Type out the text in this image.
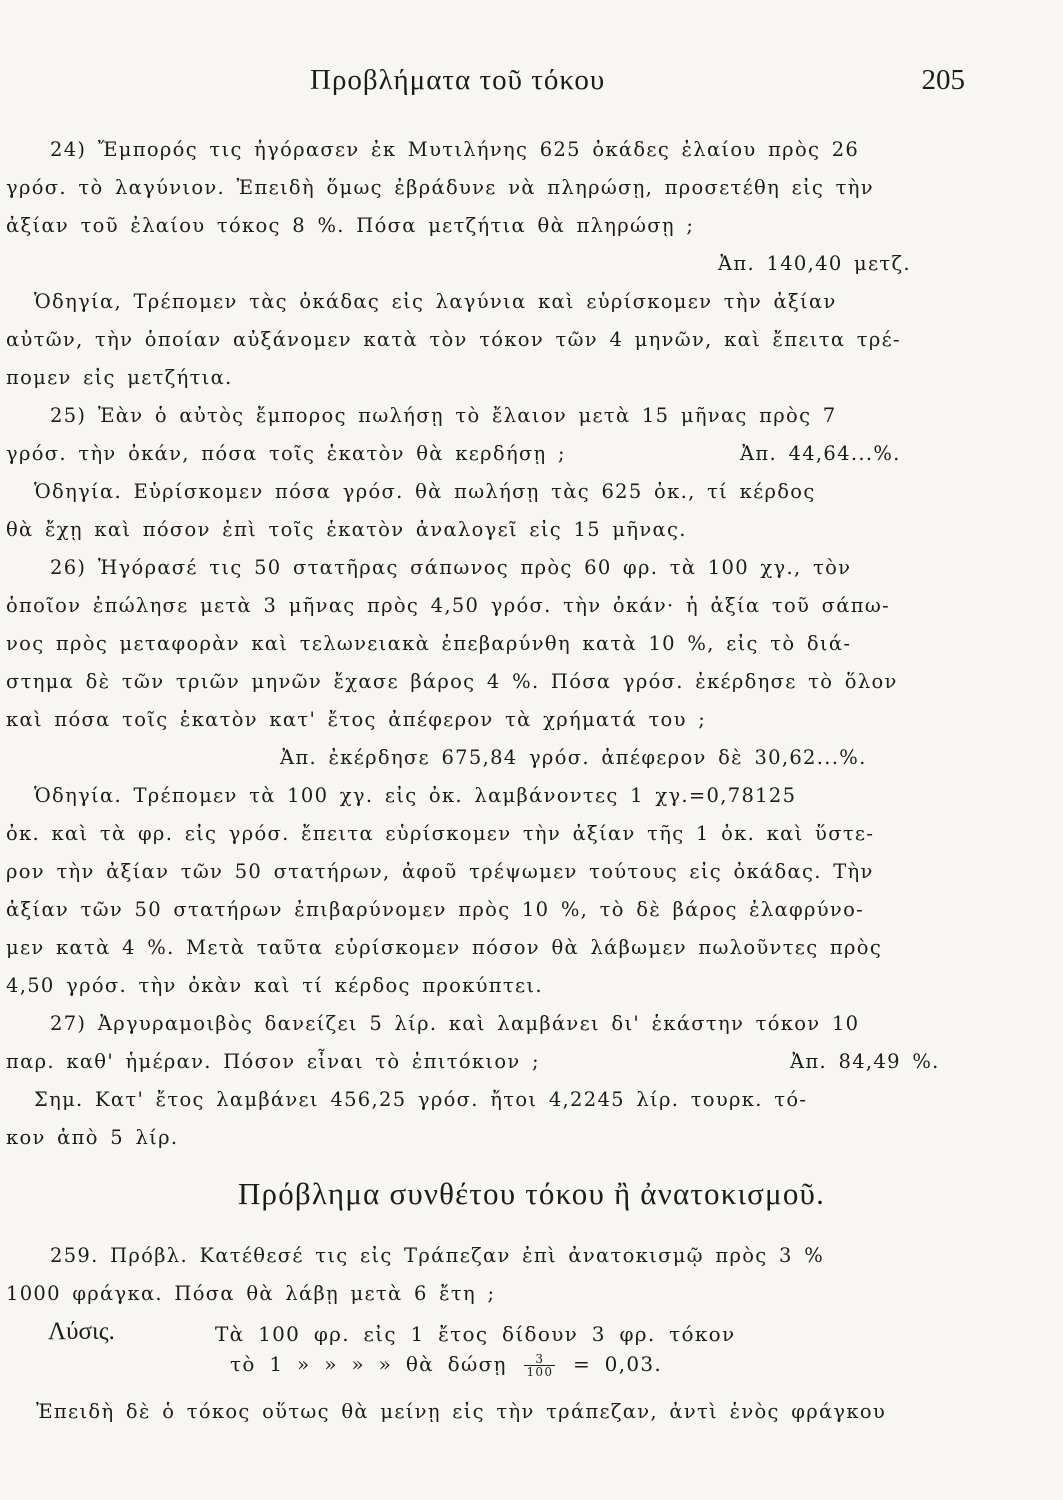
Προβλήματα τοῦ τόκου	205
24) Ἔμπορός τις ἠγόρασεν ἐκ Μυτιλήνης 625 ὀκάδες ἐλαίου πρὸς 26
γρόσ. τὸ λαγύνιον. Ἐπειδὴ ὅμως ἐβράδυνε νὰ πληρώσῃ, προσετέθη εἰς τὴν
ἀξίαν τοῦ ἐλαίου τόκος 8 %. Πόσα μετζήτια θὰ πληρώσῃ ;
Ἀπ. 140,40 μετζ.
Ὁδηγία, Τρέπομεν τὰς ὀκάδας εἰς λαγύνια καὶ εὑρίσκομεν τὴν ἀξίαν
αὐτῶν, τὴν ὁποίαν αὐξάνομεν κατὰ τὸν τόκον τῶν 4 μηνῶν, καὶ ἔπειτα τρέ-
πομεν εἰς μετζήτια.
25) Ἐὰν ὁ αὐτὸς ἔμπορος πωλήσῃ τὸ ἔλαιον μετὰ 15 μῆνας πρὸς 7
γρόσ. τὴν ὀκάν, πόσα τοῖς ἑκατὸν θὰ κερδήσῃ ;	Ἀπ. 44,64...%.
Ὁδηγία. Εὑρίσκομεν πόσα γρόσ. θὰ πωλήσῃ τὰς 625 ὀκ., τί κέρδος
θὰ ἔχῃ καὶ πόσον ἐπὶ τοῖς ἑκατὸν ἀναλογεῖ εἰς 15 μῆνας.
26) Ἠγόρασέ τις 50 στατῆρας σάπωνος πρὸς 60 φρ. τὰ 100 χγ., τὸν
ὁποῖον ἐπώλησε μετὰ 3 μῆνας πρὸς 4,50 γρόσ. τὴν ὀκάν· ἡ ἀξία τοῦ σάπω-
νος πρὸς μεταφορὰν καὶ τελωνειακὰ ἐπεβαρύνθη κατὰ 10 %, εἰς τὸ διά-
στημα δὲ τῶν τριῶν μηνῶν ἔχασε βάρος 4 %. Πόσα γρόσ. ἐκέρδησε τὸ ὅλον
καὶ πόσα τοῖς ἑκατὸν κατ' ἔτος ἀπέφερον τὰ χρήματά του ;
Ἀπ. ἐκέρδησε 675,84 γρόσ. ἀπέφερον δὲ 30,62...%.
Ὁδηγία. Τρέπομεν τὰ 100 χγ. εἰς ὀκ. λαμβάνοντες 1 χγ.=0,78125
ὀκ. καὶ τὰ φρ. εἰς γρόσ. ἔπειτα εὑρίσκομεν τὴν ἀξίαν τῆς 1 ὀκ. καὶ ὕστε-
ρον τὴν ἀξίαν τῶν 50 στατήρων, ἀφοῦ τρέψωμεν τούτους εἰς ὀκάδας. Τὴν
ἀξίαν τῶν 50 στατήρων ἐπιβαρύνομεν πρὸς 10 %, τὸ δὲ βάρος ἐλαφρύνο-
μεν κατὰ 4 %. Μετὰ ταῦτα εὑρίσκομεν πόσον θὰ λάβωμεν πωλοῦντες πρὸς
4,50 γρόσ. τὴν ὀκὰν καὶ τί κέρδος προκύπτει.
27) Ἀργυραμοιβὸς δανείζει 5 λίρ. καὶ λαμβάνει δι' ἑκάστην τόκον 10
παρ. καθ' ἡμέραν. Πόσον εἶναι τὸ ἐπιτόκιον ;	Ἀπ. 84,49 %.
Σημ. Κατ' ἔτος λαμβάνει 456,25 γρόσ. ἤτοι 4,2245 λίρ. τουρκ. τό-
κον ἀπὸ 5 λίρ.
Πρόβλημα συνθέτου τόκου ἢ ἀνατοκισμοῦ.
259. Πρόβλ. Κατέθεσέ τις εἰς Τράπεζαν ἐπὶ ἀνατοκισμῷ πρὸς 3 %
1000 φράγκα. Πόσα θὰ λάβῃ μετὰ 6 ἔτη ;
Λύσις.	Τὰ 100 φρ. εἰς 1 ἔτος δίδουν 3 φρ. τόκον
τὸ 1 » » » » θὰ δώσῃ $\frac{3}{100} = 0,03$.
Ἐπειδὴ δὲ ὁ τόκος οὕτως θὰ μείνῃ εἰς τὴν τράπεζαν, ἀντὶ ἑνὸς φράγκου
